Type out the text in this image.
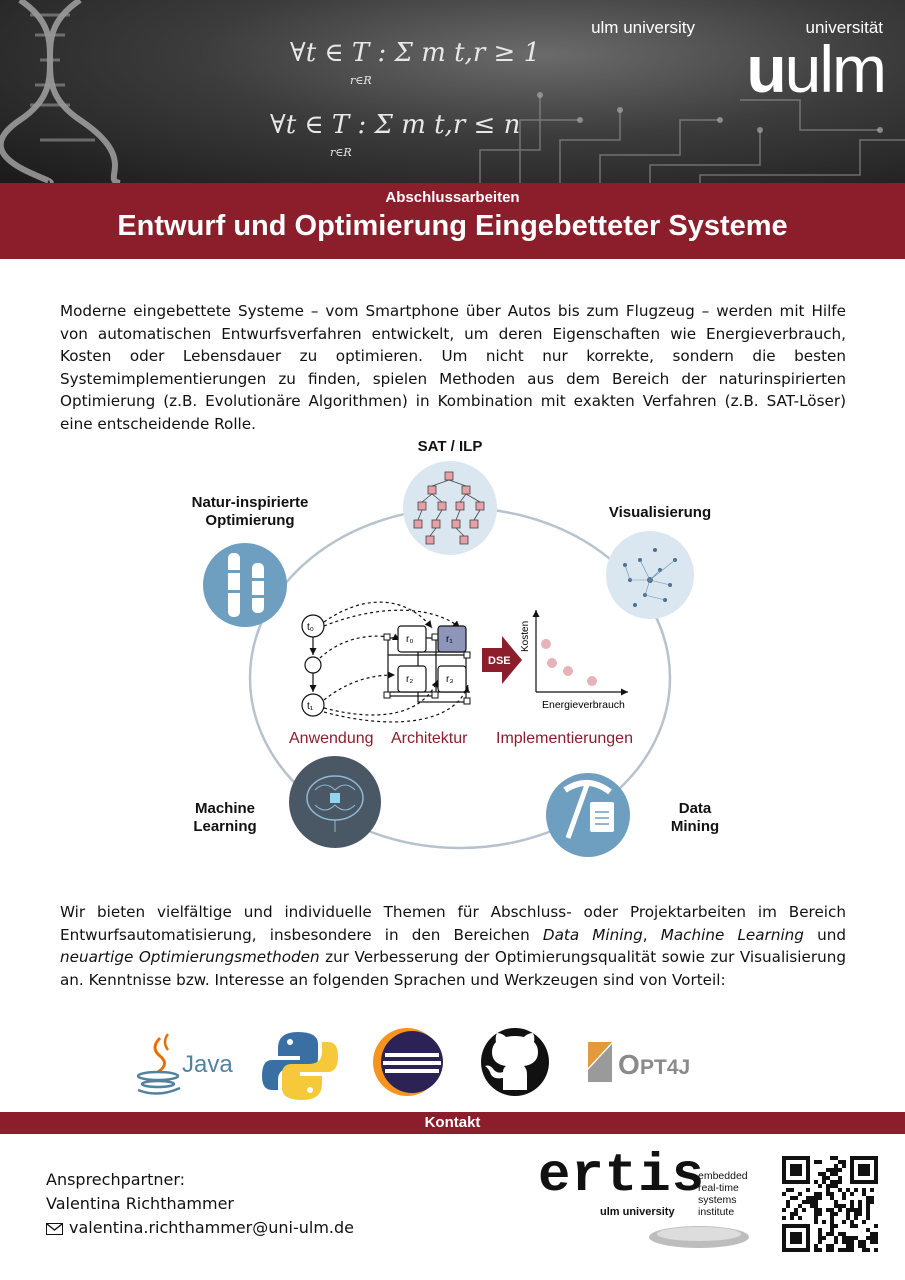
∀t ∈ T : Σ m t,r ≥ 1
r∈R
∀t ∈ T : Σ m t,r ≤ n
r∈R
ulm university	universität
uulm
Abschlussarbeiten
Entwurf und Optimierung Eingebetteter Systeme
Moderne eingebettete Systeme – vom Smartphone über Autos bis zum Flugzeug – werden mit Hilfe von automatischen Entwurfsverfahren entwickelt, um deren Eigenschaften wie Energieverbrauch, Kosten oder Lebensdauer zu optimieren. Um nicht nur korrekte, sondern die besten Systemimplementierungen zu finden, spielen Methoden aus dem Bereich der naturinspirierten Optimierung (z.B. Evolutionäre Algorithmen) in Kombination mit exakten Verfahren (z.B. SAT-Löser) eine entscheidende Rolle.
t₀
t₁
r₀	r₁
r₂	r₃
DSE
Kosten
Energieverbrauch
SAT / ILP
Natur-inspirierte
Optimierung	Visualisierung
Machine
Learning
Data
Mining
Anwendung Architektur Implementierungen
Wir bieten vielfältige und individuelle Themen für Abschluss- oder Projektarbeiten im Bereich Entwurfsautomatisierung, insbesondere in den Bereichen Data Mining, Machine Learning und neuartige Optimierungsmethoden zur Verbesserung der Optimierungsqualität sowie zur Visualisierung an. Kenntnisse bzw. Interesse an folgenden Sprachen und Werkzeugen sind von Vorteil:
Java	O PT4J
Kontakt
Ansprechpartner:
Valentina Richthammer
valentina.richthammer@uni-ulm.de
ertis
ulm university
embedded
real-time
systems
institute
